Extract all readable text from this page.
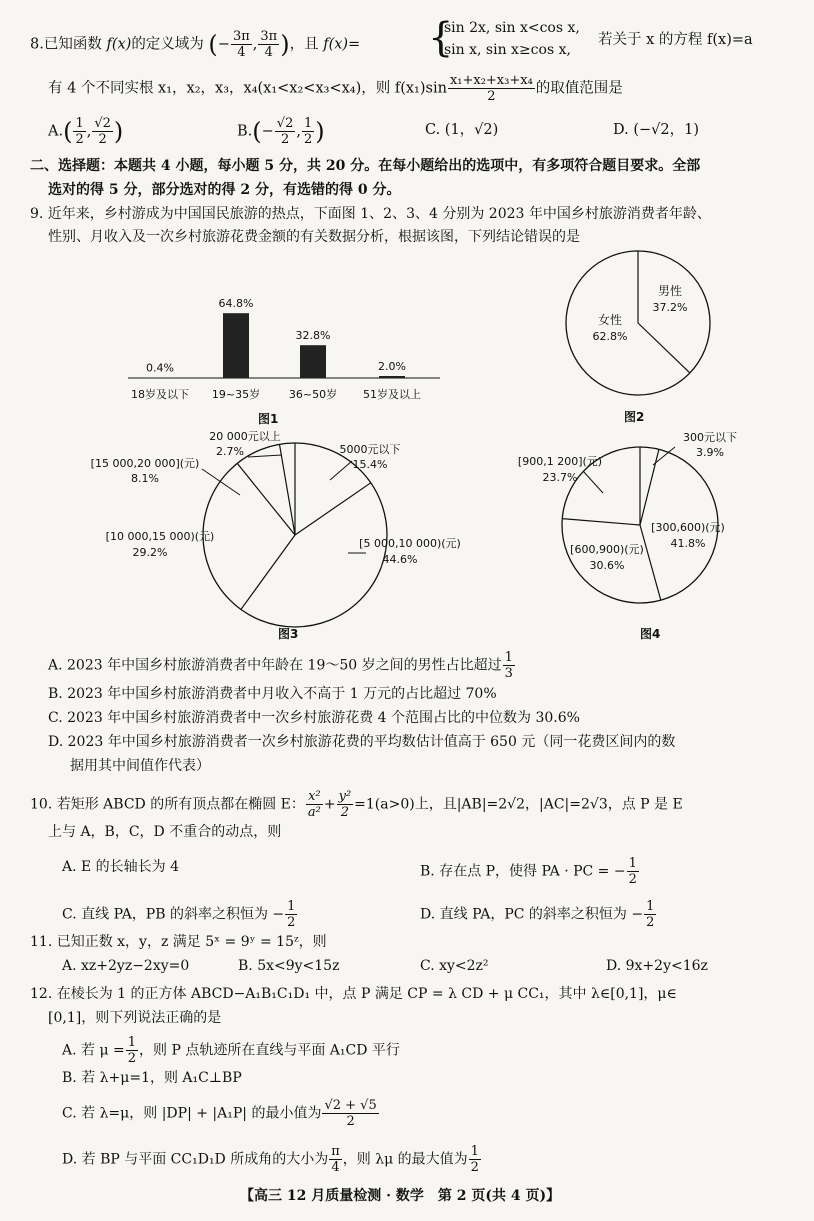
8.已知函数 f(x)的定义域为 (− $\frac{3\pi}{4}$ , $\frac{3\pi}{4}$ )，且 f(x)= {
sin 2x, sin x<cos x,
sin x, sin x≥cos x,
若关于 x 的方程 f(x)=a
有 4 个不同实根 x₁，x₂，x₃，x₄(x₁<x₂<x₃<x₄)，则 $f(x_1)\sin \frac{\text{x₁+x₂+x₃+x₄}}{2}$ 的取值范围是
$A.( \frac{1}{2}$ , $\frac{√2}{2}$ )	$B.(- \frac{√2}{2}$ , $\frac{1}{2}$ )	C. (1，√2)	D. (−√2，1)
二、选择题：本题共 4 小题，每小题 5 分，共 20 分。在每小题给出的选项中，有多项符合题目要求。全部
选对的得 5 分，部分选对的得 2 分，有选错的得 0 分。
9. 近年来，乡村游成为中国国民旅游的热点，下面图 1、2、3、4 分别为 2023 年中国乡村旅游消费者年龄、
性别、月收入及一次乡村旅游花费金额的有关数据分析，根据该图，下列结论错误的是
0.4%
18岁及以下
64.8%
19~35岁
32.8%
36~50岁
2.0%
51岁及以上
图1
女性
62.8%
男性
37.2%
图2
5000元以下
15.4%
[5 000,10 000)(元)
44.6%
[10 000,15 000)(元)
29.2%
[15 000,20 000](元)
8.1%
20 000元以上
2.7%
图3
300元以下
3.9%
[300,600)(元)
41.8%
[600,900)(元)
30.6%
[900,1 200](元)
23.7%
图4
A. 2023 年中国乡村旅游消费者中年龄在 19～50 岁之间的男性占比超过 $\frac{1}{3}$
B. 2023 年中国乡村旅游消费者中月收入不高于 1 万元的占比超过 70%
C. 2023 年中国乡村旅游消费者中一次乡村旅游花费 4 个范围占比的中位数为 30.6%
D. 2023 年中国乡村旅游消费者一次乡村旅游花费的平均数估计值高于 650 元（同一花费区间内的数
据用其中间值作代表）
10. 若矩形 ABCD 的所有顶点都在椭圆 E： $\frac{\text{x²}}{\text{a²}} + \frac{\text{y²}}{2} =1(a>0)$上，且|AB|=2√2，|AC|=2√3，点 P 是 E
上与 A，B，C，D 不重合的动点，则
A. E 的长轴长为 4	B. 存在点 P，使得 PA · PC = − $\frac{1}{2}$
C. 直线 PA，PB 的斜率之积恒为 − $\frac{1}{2}$	D. 直线 PA，PC 的斜率之积恒为 − $\frac{1}{2}$
11. 已知正数 x，y，z 满足 5ˣ = 9ʸ = 15ᶻ，则
A. xz+2yz−2xy=0	B. 5x<9y<15z	C. xy<2z²	D. 9x+2y<16z
12. 在棱长为 1 的正方体 ABCD−A₁B₁C₁D₁ 中，点 P 满足 CP = λ CD + μ CC₁，其中 λ∈[0,1]，μ∈
[0,1]，则下列说法正确的是
A. 若 $\mu = \frac{1}{2}$ ，则 P 点轨迹所在直线与平面 A₁CD 平行
B. 若 λ+μ=1，则 A₁C⊥BP
C. 若 λ=μ，则 |DP| + |A₁P| 的最小值为 $\frac{√2 + √5}{2}$
D. 若 BP 与平面 CC₁D₁D 所成角的大小为 $\frac{\pi}{4}$ ，则 λμ 的最大值为 $\frac{1}{2}$
【高三 12 月质量检测 · 数学　第 2 页(共 4 页)】
